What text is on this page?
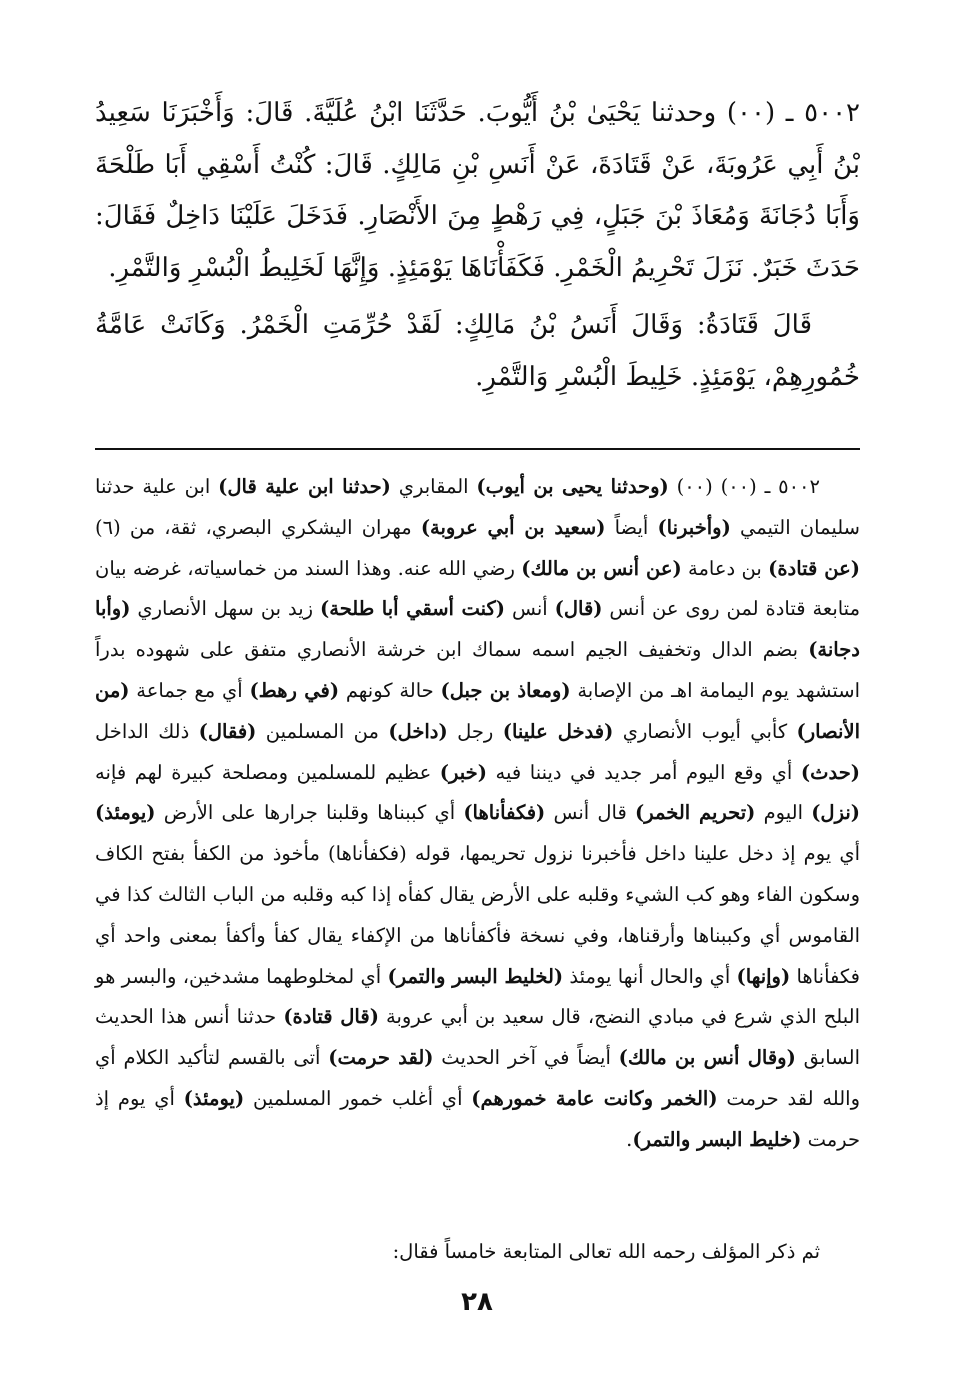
٥٠٠٢ ـ (٠٠) وحدثنا يَحْيَىٰ بْنُ أَيُّوبَ. حَدَّثَنَا ابْنُ عُلَيَّةَ. قَالَ: وَأَخْبَرَنَا سَعِيدُ بْنُ أَبِي عَرُوبَةَ، عَنْ قَتَادَةَ، عَنْ أَنَسِ بْنِ مَالِكٍ. قَالَ: كُنْتُ أَسْقِي أَبَا طَلْحَةَ وَأَبَا دُجَانَةَ وَمُعَاذَ بْنَ جَبَلٍ، فِي رَهْطٍ مِنَ الأَنْصَارِ. فَدَخَلَ عَلَيْنَا دَاخِلٌ فَقَالَ: حَدَثَ خَبَرٌ. نَزَلَ تَحْرِيمُ الْخَمْرِ. فَكَفَأْنَاهَا يَوْمَئِذٍ. وَإِنَّهَا لَخَلِيطُ الْبُسْرِ وَالتَّمْرِ.

قَالَ قَتَادَةُ: وَقَالَ أَنَسُ بْنُ مَالِكٍ: لَقَدْ حُرِّمَتِ الْخَمْرُ. وَكَانَتْ عَامَّةُ خُمُورِهِمْ، يَوْمَئِذٍ. خَلِيطَ الْبُسْرِ وَالتَّمْرِ.

٥٠٠٢ ـ (٠٠) (٠٠) (وحدثنا يحيى بن أيوب) المقابري (حدثنا ابن علية قال) ابن علية حدثنا سليمان التيمي (وأخبرنا) أيضاً (سعيد بن أبي عروبة) مهران اليشكري البصري، ثقة، من (٦) (عن قتادة) بن دعامة (عن أنس بن مالك) رضي الله عنه. وهذا السند من خماسياته، غرضه بيان متابعة قتادة لمن روى عن أنس (قال) أنس (كنت أسقي أبا طلحة) زيد بن سهل الأنصاري (وأبا دجانة) بضم الدال وتخفيف الجيم اسمه سماك ابن خرشة الأنصاري متفق على شهوده بدراً استشهد يوم اليمامة اهـ من الإصابة (ومعاذ بن جبل) حالة كونهم (في رهط) أي مع جماعة (من الأنصار) كأبي أيوب الأنصاري (فدخل علينا) رجل (داخل) من المسلمين (فقال) ذلك الداخل (حدث) أي وقع اليوم أمر جديد في ديننا فيه (خبر) عظيم للمسلمين ومصلحة كبيرة لهم فإنه (نزل) اليوم (تحريم الخمر) قال أنس (فكفأناها) أي كببناها وقلبنا جرارها على الأرض (يومئذ) أي يوم إذ دخل علينا داخل فأخبرنا نزول تحريمها، قوله (فكفأناها) مأخوذ من الكفأ بفتح الكاف وسكون الفاء وهو كب الشيء وقلبه على الأرض يقال كفأه إذا كبه وقلبه من الباب الثالث كذا في القاموس أي وكببناها وأرقناها، وفي نسخة فأكفأناها من الإكفاء يقال كفأ وأكفأ بمعنى واحد أي فكفأناها (وإنها) أي والحال أنها يومئذ (لخليط البسر والتمر) أي لمخلوطهما مشدخين، والبسر هو البلح الذي شرع في مبادي النضج، قال سعيد بن أبي عروبة (قال قتادة) حدثنا أنس هذا الحديث السابق (وقال أنس بن مالك) أيضاً في آخر الحديث (لقد حرمت) أتى بالقسم لتأكيد الكلام أي والله لقد حرمت (الخمر وكانت عامة خمورهم) أي أغلب خمور المسلمين (يومئذ) أي يوم إذ حرمت (خليط البسر والتمر).

ثم ذكر المؤلف رحمه الله تعالى المتابعة خامساً فقال:
٢٨
